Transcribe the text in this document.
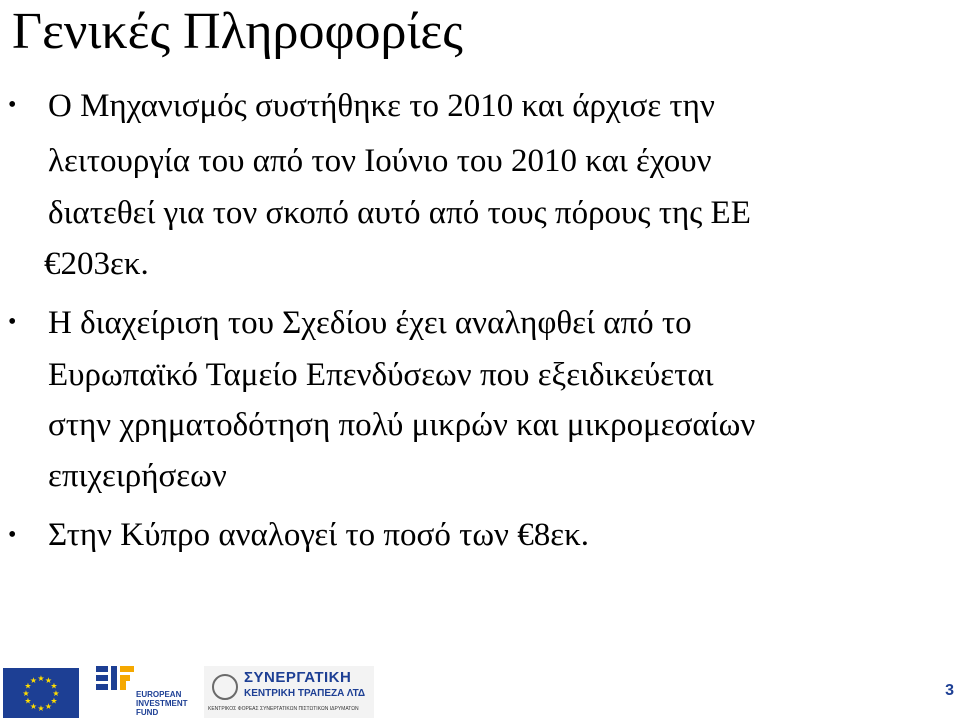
Γενικές Πληροφορίες
• Ο Μηχανισμός συστήθηκε το 2010 και άρχισε την
λειτουργία του από τον Ιούνιο του 2010 και έχουν
διατεθεί για τον σκοπό αυτό από τους πόρους της ΕΕ
€203εκ.
• Η διαχείριση του Σχεδίου έχει αναληφθεί από το
Ευρωπαϊκό Ταμείο Επενδύσεων που εξειδικεύεται
στην χρηματοδότηση πολύ μικρών και μικρομεσαίων
επιχειρήσεων
• Στην Κύπρο αναλογεί το ποσό των €8εκ.
★ ★
★
★
★
★
★
★
★
★
★
★
EUROPEAN
INVESTMENT
FUND
ΣΥΝΕΡΓΑΤΙΚΗ
ΚΕΝΤΡΙΚΗ ΤΡΑΠΕΖΑ ΛΤΔ
ΚΕΝΤΡΙΚΟΣ ΦΟΡΕΑΣ ΣΥΝΕΡΓΑΤΙΚΩΝ ΠΙΣΤΩΤΙΚΩΝ ΙΔΡΥΜΑΤΩΝ
3
